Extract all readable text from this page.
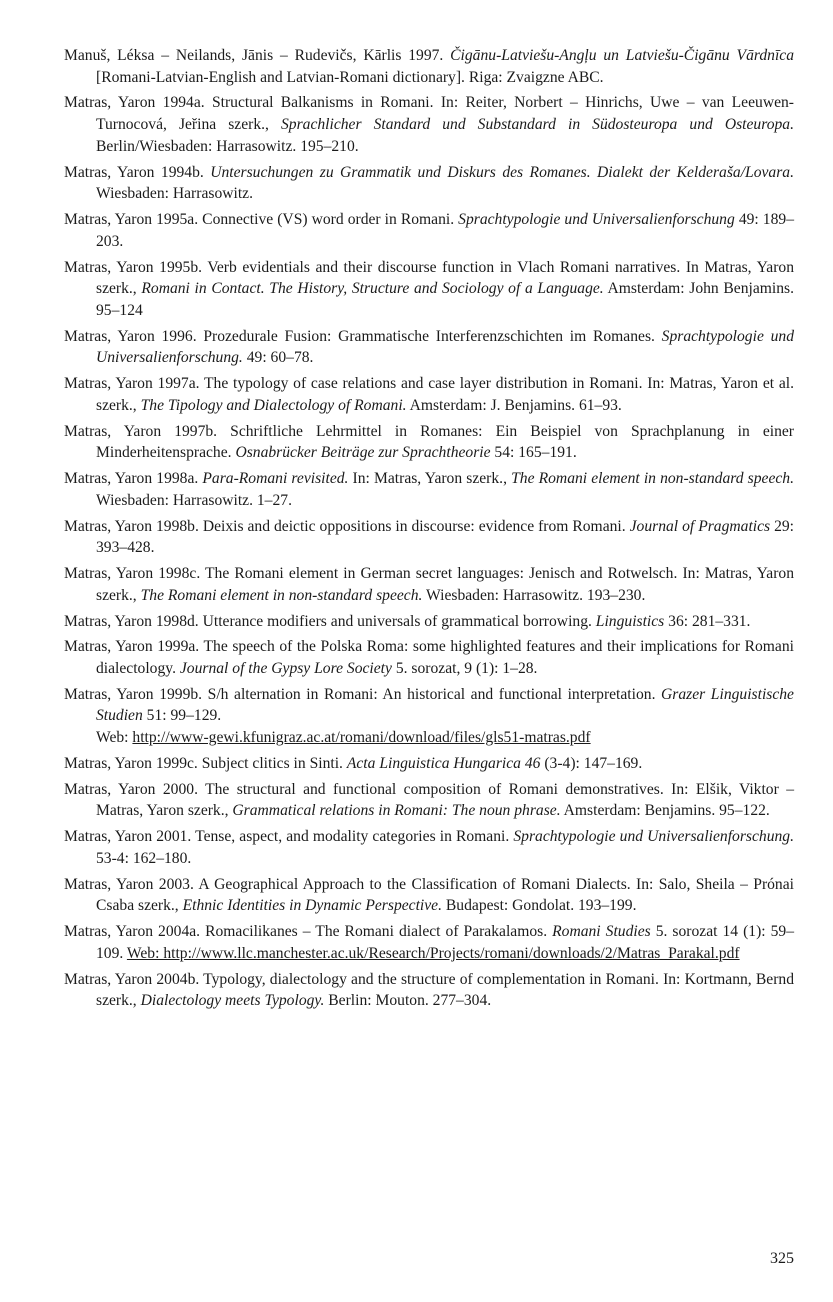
Manuš, Léksa – Neilands, Jānis – Rudevičs, Kārlis 1997. Čigānu-Latviešu-Angļu un Latviešu-Čigānu Vārdnīca [Romani-Latvian-English and Latvian-Romani dictionary]. Riga: Zvaigzne ABC.

Matras, Yaron 1994a. Structural Balkanisms in Romani. In: Reiter, Norbert – Hinrichs, Uwe – van Leeuwen-Turnocová, Jeřina szerk., Sprachlicher Standard und Substandard in Südosteuropa und Osteuropa. Berlin/Wiesbaden: Harrasowitz. 195–210.

Matras, Yaron 1994b. Untersuchungen zu Grammatik und Diskurs des Romanes. Dialekt der Kelderaša/Lovara. Wiesbaden: Harrasowitz.

Matras, Yaron 1995a. Connective (VS) word order in Romani. Sprachtypologie und Universalienforschung 49: 189–203.

Matras, Yaron 1995b. Verb evidentials and their discourse function in Vlach Romani narratives. In Matras, Yaron szerk., Romani in Contact. The History, Structure and Sociology of a Language. Amsterdam: John Benjamins. 95–124

Matras, Yaron 1996. Prozedurale Fusion: Grammatische Interferenzschichten im Romanes. Sprachtypologie und Universalienforschung. 49: 60–78.

Matras, Yaron 1997a. The typology of case relations and case layer distribution in Romani. In: Matras, Yaron et al. szerk., The Tipology and Dialectology of Romani. Amsterdam: J. Benjamins. 61–93.

Matras, Yaron 1997b. Schriftliche Lehrmittel in Romanes: Ein Beispiel von Sprachplanung in einer Minderheitensprache. Osnabrücker Beiträge zur Sprachtheorie 54: 165–191.

Matras, Yaron 1998a. Para-Romani revisited. In: Matras, Yaron szerk., The Romani element in non-standard speech. Wiesbaden: Harrasowitz. 1–27.

Matras, Yaron 1998b. Deixis and deictic oppositions in discourse: evidence from Romani. Journal of Pragmatics 29: 393–428.

Matras, Yaron 1998c. The Romani element in German secret languages: Jenisch and Rotwelsch. In: Matras, Yaron szerk., The Romani element in non-standard speech. Wiesbaden: Harrasowitz. 193–230.

Matras, Yaron 1998d. Utterance modifiers and universals of grammatical borrowing. Linguistics 36: 281–331.

Matras, Yaron 1999a. The speech of the Polska Roma: some highlighted features and their implications for Romani dialectology. Journal of the Gypsy Lore Society 5. sorozat, 9 (1): 1–28.

Matras, Yaron 1999b. S/h alternation in Romani: An historical and functional interpretation. Grazer Linguistische Studien 51: 99–129.
Web: http://www-gewi.kfunigraz.ac.at/romani/download/files/gls51-matras.pdf

Matras, Yaron 1999c. Subject clitics in Sinti. Acta Linguistica Hungarica 46 (3-4): 147–169.

Matras, Yaron 2000. The structural and functional composition of Romani demonstratives. In: Elšik, Viktor – Matras, Yaron szerk., Grammatical relations in Romani: The noun phrase. Amsterdam: Benjamins. 95–122.

Matras, Yaron 2001. Tense, aspect, and modality categories in Romani. Sprachtypologie und Universalienforschung. 53-4: 162–180.

Matras, Yaron 2003. A Geographical Approach to the Classification of Romani Dialects. In: Salo, Sheila – Prónai Csaba szerk., Ethnic Identities in Dynamic Perspective. Budapest: Gondolat. 193–199.

Matras, Yaron 2004a. Romacilikanes – The Romani dialect of Parakalamos. Romani Studies 5. sorozat 14 (1): 59–109. Web: http://www.llc.manchester.ac.uk/Research/Projects/romani/downloads/2/Matras_Parakal.pdf

Matras, Yaron 2004b. Typology, dialectology and the structure of complementation in Romani. In: Kortmann, Bernd szerk., Dialectology meets Typology. Berlin: Mouton. 277–304.

325
